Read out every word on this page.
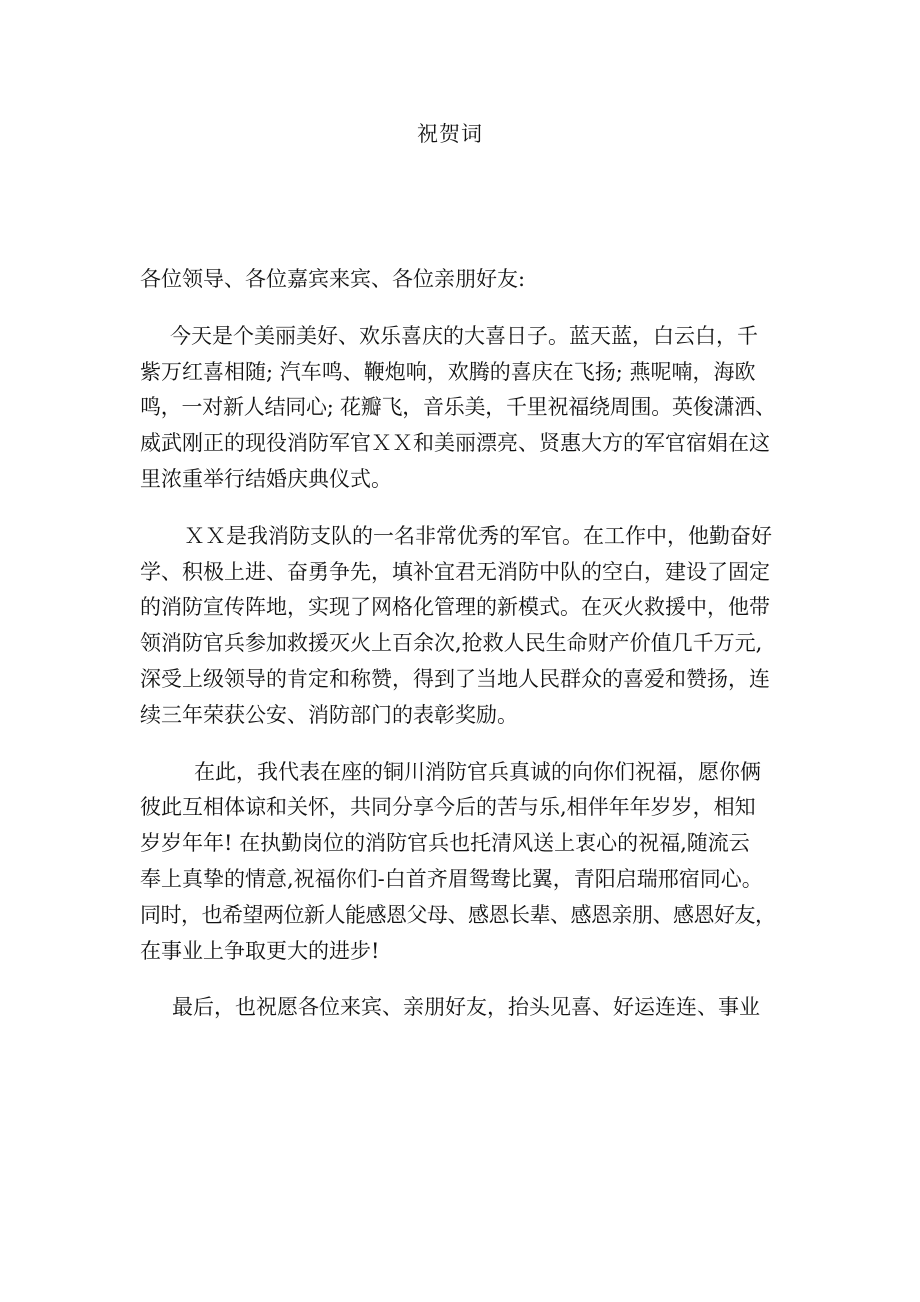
祝贺词
各位领导、各位嘉宾来宾、各位亲朋好友:
今天是个美丽美好、欢乐喜庆的大喜日子。蓝天蓝，白云白，千
紫万红喜相随; 汽车鸣、鞭炮响，欢腾的喜庆在飞扬; 燕呢喃，海欧
鸣，一对新人结同心; 花瓣飞，音乐美，千里祝福绕周围。英俊潇洒、
威武刚正的现役消防军官ＸＸ和美丽漂亮、贤惠大方的军官宿娟在这
里浓重举行结婚庆典仪式。
ＸＸ是我消防支队的一名非常优秀的军官。在工作中，他勤奋好
学、积极上进、奋勇争先，填补宜君无消防中队的空白，建设了固定
的消防宣传阵地，实现了网格化管理的新模式。在灭火救援中，他带
领消防官兵参加救援灭火上百余次,抢救人民生命财产价值几千万元,
深受上级领导的肯定和称赞，得到了当地人民群众的喜爱和赞扬，连
续三年荣获公安、消防部门的表彰奖励。
在此，我代表在座的铜川消防官兵真诚的向你们祝福，愿你俩
彼此互相体谅和关怀，共同分享今后的苦与乐,相伴年年岁岁，相知
岁岁年年! 在执勤岗位的消防官兵也托清风送上衷心的祝福,随流云
奉上真挚的情意,祝福你们-白首齐眉鸳鸯比翼，青阳启瑞邢宿同心。
同时，也希望两位新人能感恩父母、感恩长辈、感恩亲朋、感恩好友，
在事业上争取更大的进步!
最后，也祝愿各位来宾、亲朋好友，抬头见喜、好运连连、事业
